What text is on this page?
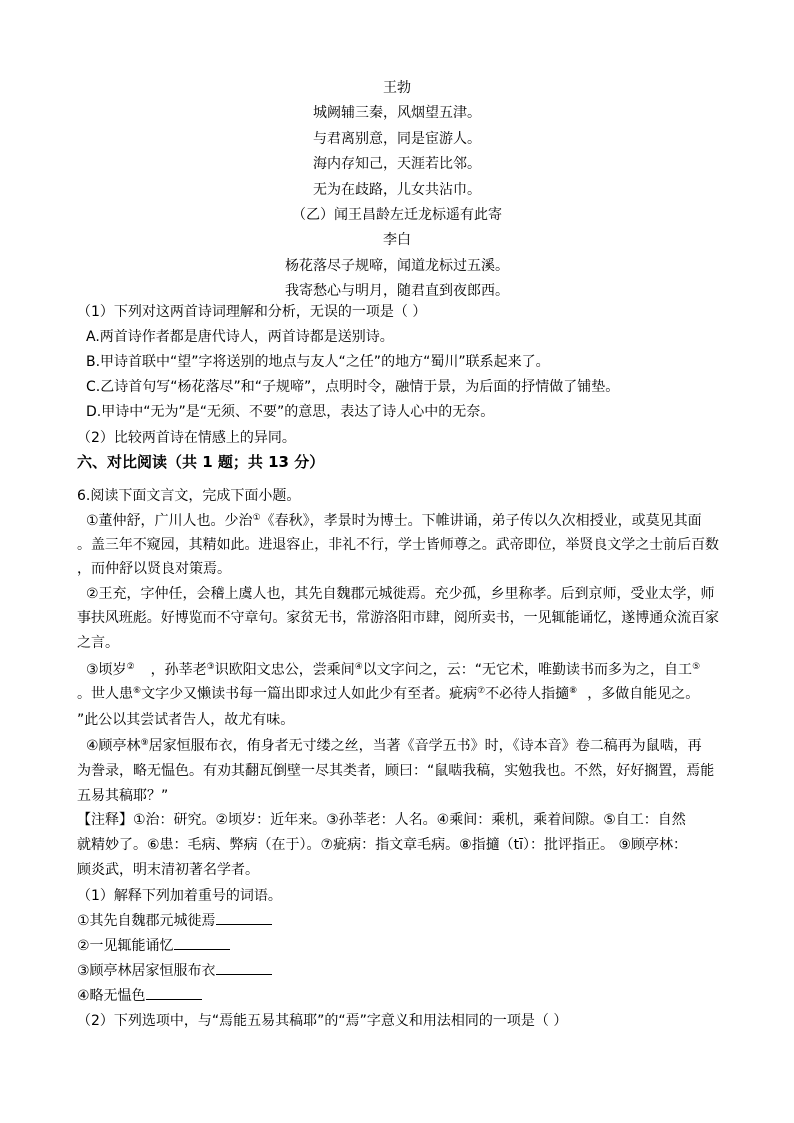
王勃
城阙辅三秦，风烟望五津。
与君离别意，同是宦游人。
海内存知己，天涯若比邻。
无为在歧路，儿女共沾巾。
（乙）闻王昌龄左迁龙标遥有此寄
李白
杨花落尽子规啼，闻道龙标过五溪。
我寄愁心与明月，随君直到夜郎西。
（1）下列对这两首诗词理解和分析，无误的一项是（ ）
A.两首诗作者都是唐代诗人，两首诗都是送别诗。
B.甲诗首联中“望”字将送别的地点与友人“之任”的地方“蜀川”联系起来了。
C.乙诗首句写“杨花落尽”和“子规啼”，点明时令，融情于景，为后面的抒情做了铺垫。
D.甲诗中“无为”是“无须、不要”的意思，表达了诗人心中的无奈。
（2）比较两首诗在情感上的异同。
六、对比阅读（共 1 题；共 13 分）
6.阅读下面文言文，完成下面小题。
①董仲舒，广川人也。少治①《春秋》，孝景时为博士。下帷讲诵，弟子传以久次相授业，或莫见其面
。盖三年不窥园，其精如此。进退容止，非礼不行，学士皆师尊之。武帝即位，举贤良文学之士前后百数
，而仲舒以贤良对策焉。
②王充，字仲任，会稽上虞人也，其先自魏郡元城徙焉。充少孤，乡里称孝。后到京师，受业太学，师
事扶风班彪。好博览而不守章句。家贫无书，常游洛阳市肆，阅所卖书，一见辄能诵忆，遂博通众流百家
之言。
③顷岁② ，孙莘老③识欧阳文忠公，尝乘间④以文字问之，云：“无它术，唯勤读书而多为之，自工⑤
。世人患⑥文字少又懒读书每一篇出即求过人如此少有至者。疵病⑦不必待人指擿⑧ ，多做自能见之。
”此公以其尝试者告人，故尤有味。
④顾亭林⑨居家恒服布衣，侑身者无寸缕之丝，当著《音学五书》时，《诗本音》卷二稿再为鼠啮，再
为誊录，略无愠色。有劝其翻瓦倒壁一尽其类者，顾曰：“鼠啮我稿，实勉我也。不然，好好搁置，焉能
五易其稿耶？”
【注释】①治：研究。②顷岁：近年来。③孙莘老：人名。④乘间：乘机，乘着间隙。⑤自工：自然
就精妙了。⑥患：毛病、弊病（在于）。⑦疵病：指文章毛病。⑧指擿（tī）：批评指正。 ⑨顾亭林：
顾炎武，明末清初著名学者。
（1）解释下列加着重号的词语。
①其先自魏郡元城徙焉
②一见辄能诵忆
③顾亭林居家恒服布衣
④略无愠色
（2）下列选项中，与“焉能五易其稿耶”的“焉”字意义和用法相同的一项是（ ）
